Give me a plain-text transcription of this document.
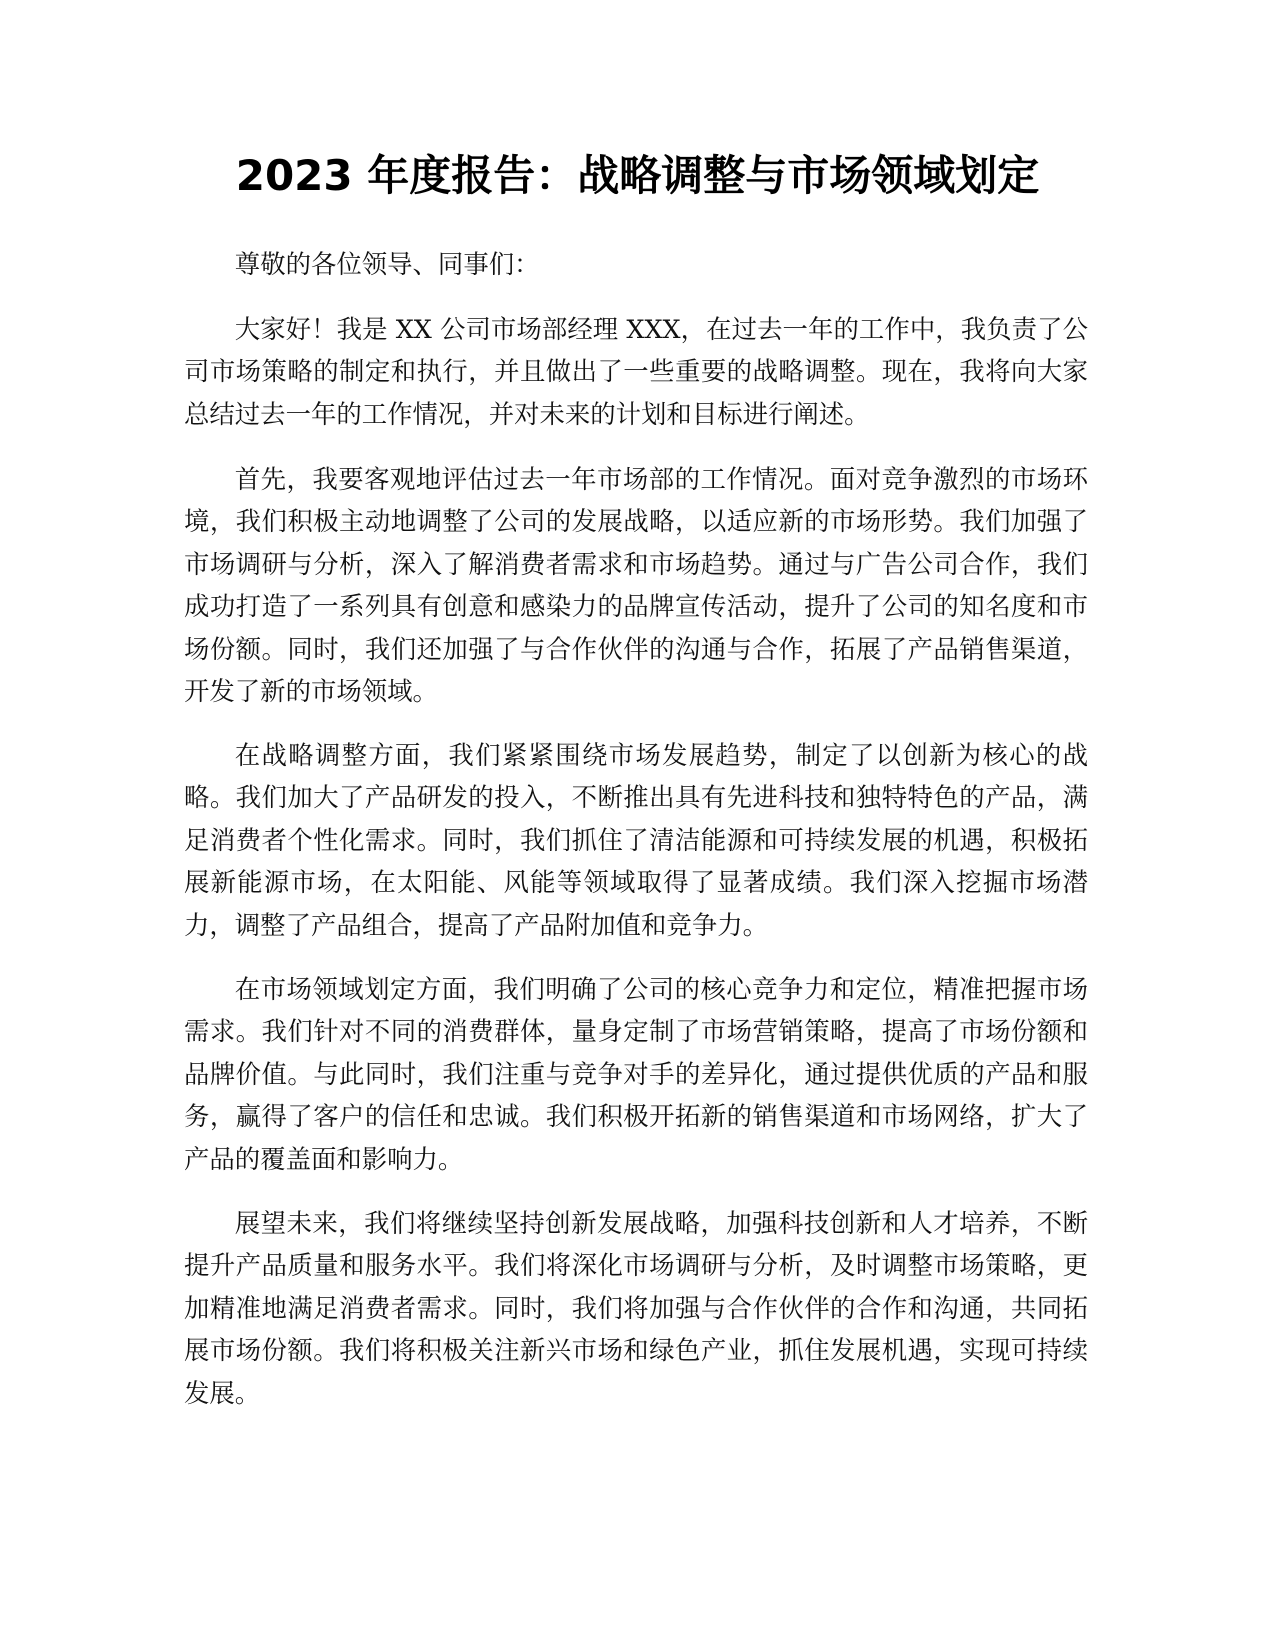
2023 年度报告：战略调整与市场领域划定

尊敬的各位领导、同事们：

大家好！我是 XX 公司市场部经理 XXX，在过去一年的工作中，我负责了公司市场策略的制定和执行，并且做出了一些重要的战略调整。现在，我将向大家总结过去一年的工作情况，并对未来的计划和目标进行阐述。

首先，我要客观地评估过去一年市场部的工作情况。面对竞争激烈的市场环境，我们积极主动地调整了公司的发展战略，以适应新的市场形势。我们加强了市场调研与分析，深入了解消费者需求和市场趋势。通过与广告公司合作，我们成功打造了一系列具有创意和感染力的品牌宣传活动，提升了公司的知名度和市场份额。同时，我们还加强了与合作伙伴的沟通与合作，拓展了产品销售渠道，开发了新的市场领域。

在战略调整方面，我们紧紧围绕市场发展趋势，制定了以创新为核心的战略。我们加大了产品研发的投入，不断推出具有先进科技和独特特色的产品，满足消费者个性化需求。同时，我们抓住了清洁能源和可持续发展的机遇，积极拓展新能源市场，在太阳能、风能等领域取得了显著成绩。我们深入挖掘市场潜力，调整了产品组合，提高了产品附加值和竞争力。

在市场领域划定方面，我们明确了公司的核心竞争力和定位，精准把握市场需求。我们针对不同的消费群体，量身定制了市场营销策略，提高了市场份额和品牌价值。与此同时，我们注重与竞争对手的差异化，通过提供优质的产品和服务，赢得了客户的信任和忠诚。我们积极开拓新的销售渠道和市场网络，扩大了产品的覆盖面和影响力。

展望未来，我们将继续坚持创新发展战略，加强科技创新和人才培养，不断提升产品质量和服务水平。我们将深化市场调研与分析，及时调整市场策略，更加精准地满足消费者需求。同时，我们将加强与合作伙伴的合作和沟通，共同拓展市场份额。我们将积极关注新兴市场和绿色产业，抓住发展机遇，实现可持续发展。
